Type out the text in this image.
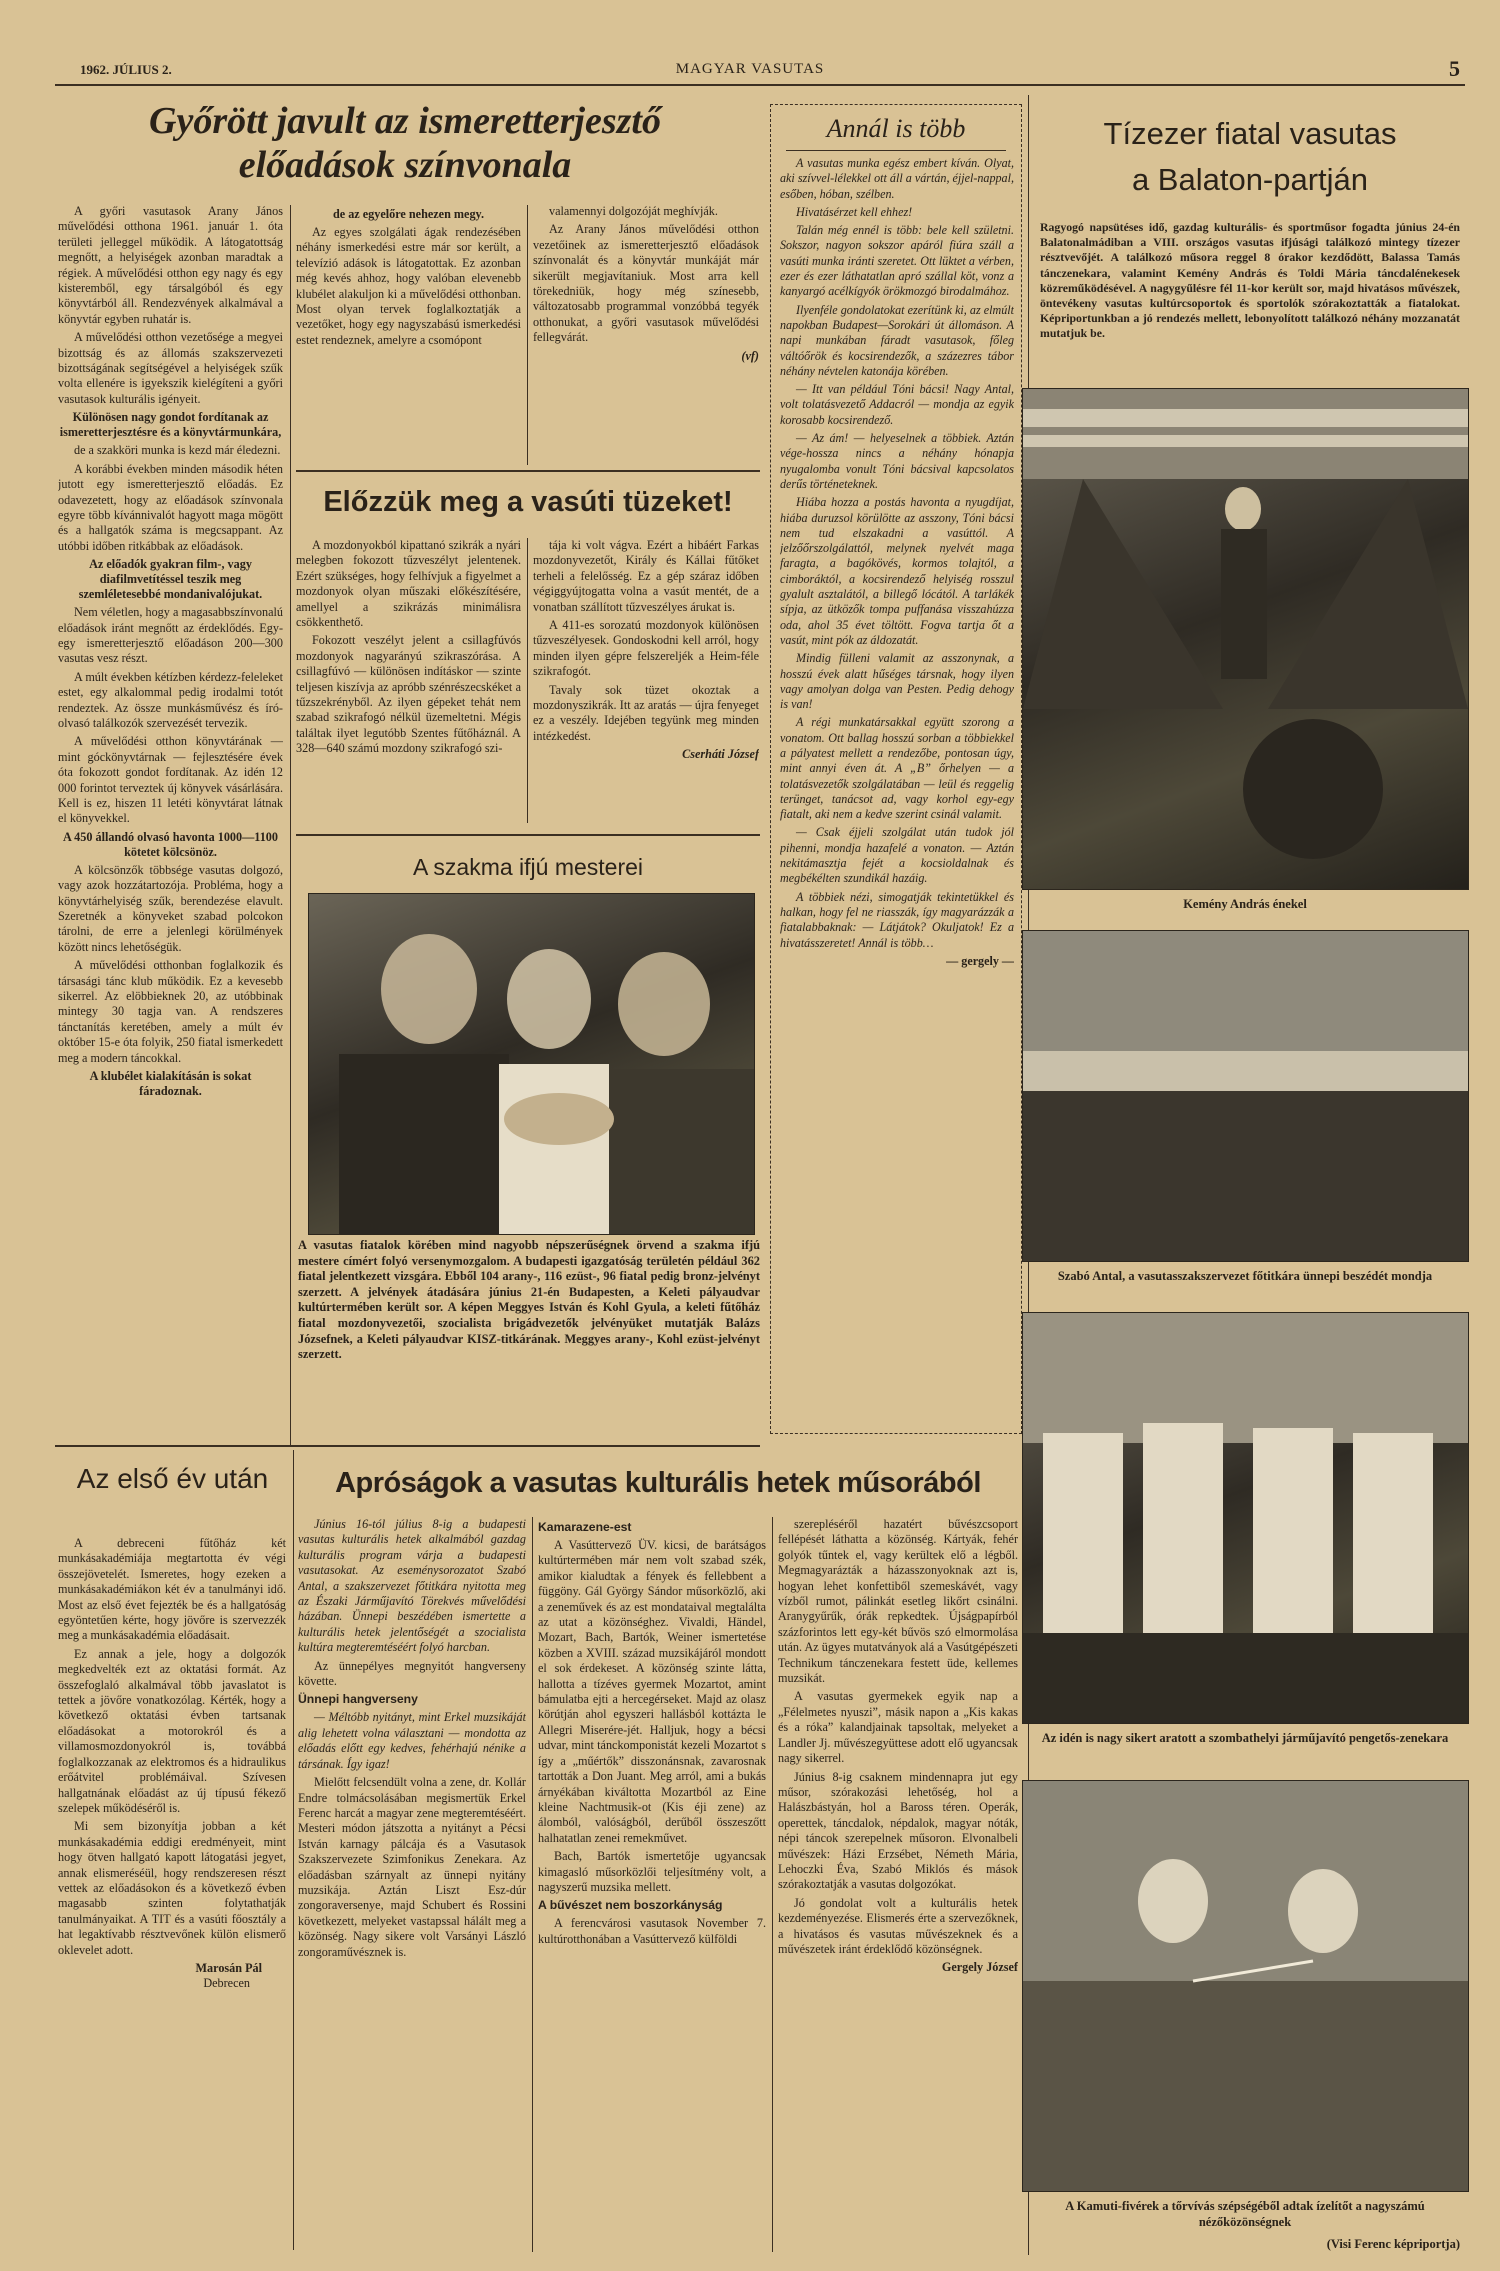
1962. JÚLIUS 2.	MAGYAR VASUTAS	5
Győrött javult az ismeretterjesztő
előadások színvonala

A győri vasutasok Arany János művelődési otthona 1961. január 1. óta területi jelleggel működik. A látogatottság megnőtt, a helyiségek azonban maradtak a régiek. A művelődési otthon egy nagy és egy kisteremből, egy társalgóból és egy könyvtárból áll. Rendezvények alkalmával a könyvtár egyben ruhatár is.

A művelődési otthon vezetősége a megyei bizottság és az állomás szakszervezeti bizottságának segítségével a helyiségek szűk volta ellenére is igyekszik kielégíteni a győri vasutasok kulturális igényeit.

Különösen nagy gondot fordítanak az ismeretterjesztésre és a könyvtármunkára,

de a szakköri munka is kezd már éledezni.

A korábbi években minden második héten jutott egy ismeretterjesztő előadás. Ez odavezetett, hogy az előadások színvonala egyre több kívánnivalót hagyott maga mögött és a hallgatók száma is megcsappant. Az utóbbi időben ritkábbak az előadások.

Az előadók gyakran film-, vagy diafilmvetítéssel teszik meg szemléletesebbé mondanivalójukat.

Nem véletlen, hogy a magasabbszínvonalú előadások iránt megnőtt az érdeklődés. Egy-egy ismeretterjesztő előadáson 200—300 vasutas vesz részt.

A múlt években kétízben kérdezz-feleleket estet, egy alkalommal pedig irodalmi totót rendeztek. Az össze munkásművész és író-olvasó találkozók szervezését tervezik.

A művelődési otthon könyvtárának — mint góckönyvtárnak — fejlesztésére évek óta fokozott gondot fordítanak. Az idén 12 000 forintot terveztek új könyvek vásárlására. Kell is ez, hiszen 11 letéti könyvtárat látnak el könyvekkel.

A 450 állandó olvasó havonta 1000—1100 kötetet kölcsönöz.

A kölcsönzők többsége vasutas dolgozó, vagy azok hozzátartozója. Probléma, hogy a könyvtárhelyiség szűk, berendezése elavult. Szeretnék a könyveket szabad polcokon tárolni, de erre a jelenlegi körülmények között nincs lehetőségük.

A művelődési otthonban foglalkozik és társasági tánc klub működik. Ez a kevesebb sikerrel. Az elöbbieknek 20, az utóbbinak mintegy 30 tagja van. A rendszeres tánctanítás keretében, amely a múlt év október 15-e óta folyik, 250 fiatal ismerkedett meg a modern táncokkal.

A klubélet kialakításán is sokat fáradoznak.
de az egyelőre nehezen megy.

Az egyes szolgálati ágak rendezésében néhány ismerkedési estre már sor került, a televízió adások is látogatottak. Ez azonban még kevés ahhoz, hogy valóban elevenebb klubélet alakuljon ki a művelődési otthonban. Most olyan tervek foglalkoztatják a vezetőket, hogy egy nagyszabású ismerkedési estet rendeznek, amelyre a csomópont

valamennyi dolgozóját meghívják.

Az Arany János művelődési otthon vezetőinek az ismeretterjesztő előadások színvonalát és a könyvtár munkáját már sikerült megjavítaniuk. Most arra kell törekedniük, hogy még színesebb, változatosabb programmal vonzóbbá tegyék otthonukat, a győri vasutasok művelődési fellegvárát.

(vf)
Előzzük meg a vasúti tüzeket!

A mozdonyokból kipattanó szikrák a nyári melegben fokozott tűzveszélyt jelentenek. Ezért szükséges, hogy felhívjuk a figyelmet a mozdonyok olyan műszaki előkészítésére, amellyel a szikrázás minimálisra csökkenthető.

Fokozott veszélyt jelent a csillagfúvós mozdonyok nagyarányú szikraszórása. A csillagfúvó — különösen indításkor — szinte teljesen kiszívja az apróbb szénrészecskéket a tűzszekrényből. Az ilyen gépeket tehát nem szabad szikrafogó nélkül üzemeltetni. Mégis találtak ilyet legutóbb Szentes fűtőháznál. A 328—640 számú mozdony szikrafogó szi-

tája ki volt vágva. Ezért a hibáért Farkas mozdonyvezetőt, Király és Kállai fűtőket terheli a felelősség. Ez a gép száraz időben végiggyújtogatta volna a vasút mentét, de a vonatban szállított tűzveszélyes árukat is.

A 411-es sorozatú mozdonyok különösen tűzveszélyesek. Gondoskodni kell arról, hogy minden ilyen gépre felszereljék a Heim-féle szikrafogót.

Tavaly sok tüzet okoztak a mozdonyszikrák. Itt az aratás — újra fenyeget ez a veszély. Idejében tegyünk meg minden intézkedést.

Cserháti József
A szakma ifjú mesterei
A vasutas fiatalok körében mind nagyobb népszerűségnek örvend a szakma ifjú mestere címért folyó versenymozgalom. A budapesti igazgatóság területén például 362 fiatal jelentkezett vizsgára. Ebből 104 arany-, 116 ezüst-, 96 fiatal pedig bronz-jelvényt szerzett. A jelvények átadására június 21-én Budapesten, a Keleti pályaudvar kultúrtermében került sor. A képen Meggyes István és Kohl Gyula, a keleti fűtőház fiatal mozdonyvezetői, szocialista brigádvezetők jelvényüket mutatják Balázs Józsefnek, a Keleti pályaudvar KISZ-titkárának. Meggyes arany-, Kohl ezüst-jelvényt szerzett.
Az első év után

A debreceni fűtőház két munkásakadémiája megtartotta év végi összejövetelét. Ismeretes, hogy ezeken a munkásakadémiákon két év a tanulmányi idő. Most az első évet fejezték be és a hallgatóság egyöntetűen kérte, hogy jövőre is szervezzék meg a munkásakadémia előadásait.

Ez annak a jele, hogy a dolgozók megkedvelték ezt az oktatási formát. Az összefoglaló alkalmával több javaslatot is tettek a jövőre vonatkozólag. Kérték, hogy a következő oktatási évben tartsanak előadásokat a motorokról és a villamosmozdonyokról is, továbbá foglalkozzanak az elektromos és a hidraulikus erőátvitel problémáival. Szívesen hallgatnának előadást az új típusú fékező szelepek működéséről is.

Mi sem bizonyítja jobban a két munkásakadémia eddigi eredményeit, mint hogy ötven hallgató kapott látogatási jegyet, annak elismeréséül, hogy rendszeresen részt vettek az előadásokon és a következő évben magasabb szinten folytathatják tanulmányaikat. A TIT és a vasúti főosztály a hat legaktívabb résztvevőnek külön elismerő oklevelet adott.

Marosán Pál
Debrecen
Apróságok a vasutas kulturális hetek műsorából

Június 16-tól július 8-ig a budapesti vasutas kulturális hetek alkalmából gazdag kulturális program várja a budapesti vasutasokat. Az eseménysorozatot Szabó Antal, a szakszervezet főtitkára nyitotta meg az Északi Járműjavító Törekvés művelődési házában. Ünnepi beszédében ismertette a kulturális hetek jelentőségét a szocialista kultúra megteremtéséért folyó harcban.

Az ünnepélyes megnyitót hangverseny követte.

Ünnepi hangverseny

— Méltóbb nyitányt, mint Erkel muzsikáját alig lehetett volna választani — mondotta az előadás előtt egy kedves, fehérhajú nénike a társának. Így igaz!

Mielőtt felcsendült volna a zene, dr. Kollár Endre tolmácsolásában megismertük Erkel Ferenc harcát a magyar zene megteremtéséért. Mesteri módon játszotta a nyitányt a Pécsi István karnagy pálcája és a Vasutasok Szakszervezete Szimfonikus Zenekara. Az előadásban szárnyalt az ünnepi nyitány muzsikája. Aztán Liszt Esz-dúr zongoraversenye, majd Schubert és Rossini következett, melyeket vastapssal hálált meg a közönség. Nagy sikere volt Varsányi László zongoraművésznek is.

Kamarazene-est

A Vasúttervező ÜV. kicsi, de barátságos kultúrtermében már nem volt szabad szék, amikor kialudtak a fények és fellebbent a függöny. Gál György Sándor műsorközlő, aki a zeneművek és az est mondataival megtalálta az utat a közönséghez. Vivaldi, Händel, Mozart, Bach, Bartók, Weiner ismertetése közben a XVIII. század muzsikájáról mondott el sok érdekeset. A közönség szinte látta, hallotta a tízéves gyermek Mozartot, amint bámulatba ejti a hercegérseket. Majd az olasz körútján ahol egyszeri hallásból kottázta le Allegri Miserére-jét. Halljuk, hogy a bécsi udvar, mint tánckomponistát kezeli Mozartot s így a „műértők” disszonánsnak, zavarosnak tartották a Don Juant. Meg arról, ami a bukás árnyékában kiváltotta Mozartból az Eine kleine Nachtmusik-ot (Kis éji zene) az álomból, valóságból, derűből összeszőtt halhatatlan zenei remekművet.

Bach, Bartók ismertetője ugyancsak kimagasló műsorközlői teljesítmény volt, a nagyszerű muzsika mellett.

A bűvészet nem boszorkányság

A ferencvárosi vasutasok November 7. kultúrotthonában a Vasúttervező külföldi

szerepléséről hazatért bűvészcsoport fellépését láthatta a közönség. Kártyák, fehér golyók tűntek el, vagy kerültek elő a légből. Megmagyarázták a házasszonyoknak azt is, hogyan lehet konfettiből szemeskávét, vagy vízből rumot, pálinkát esetleg likőrt csinálni. Aranygyűrűk, órák repkedtek. Újságpapírból százforintos lett egy-két bűvös szó elmormolása után. Az ügyes mutatványok alá a Vasútgépészeti Technikum tánczenekara festett üde, kellemes muzsikát.

A vasutas gyermekek egyik nap a „Félelmetes nyuszi”, másik napon a „Kis kakas és a róka” kalandjainak tapsoltak, melyeket a Landler Jj. művészegyüttese adott elő ugyancsak nagy sikerrel.

Június 8-ig csaknem mindennapra jut egy műsor, szórakozási lehetőség, hol a Halászbástyán, hol a Baross téren. Operák, operettek, táncdalok, népdalok, magyar nóták, népi táncok szerepelnek műsoron. Elvonalbeli művészek: Házi Erzsébet, Németh Mária, Lehoczki Éva, Szabó Miklós és mások szórakoztatják a vasutas dolgozókat.

Jó gondolat volt a kulturális hetek kezdeményezése. Elismerés érte a szervezőknek, a hivatásos és vasutas művészeknek és a művészetek iránt érdeklődő közönségnek.

Gergely József
Annál is több

A vasutas munka egész embert kíván. Olyat, aki szívvel-lélekkel ott áll a vártán, éjjel-nappal, esőben, hóban, szélben.

Hivatásérzet kell ehhez!

Talán még ennél is több: bele kell születni. Sokszor, nagyon sokszor apáról fiúra száll a vasúti munka iránti szeretet. Ott lüktet a vérben, ezer és ezer láthatatlan apró szállal köt, vonz a kanyargó acélkígyók örökmozgó birodalmához.

Ilyenféle gondolatokat ezerítünk ki, az elmúlt napokban Budapest—Sorokári út állomáson. A napi munkában fáradt vasutasok, főleg váltóőrök és kocsirendezők, a százezres tábor néhány névtelen katonája körében.

— Itt van például Tóni bácsi! Nagy Antal, volt tolatásvezető Addacról — mondja az egyik korosabb kocsirendező.

— Az ám! — helyeselnek a többiek. Aztán vége-hossza nincs a néhány hónapja nyugalomba vonult Tóni bácsival kapcsolatos derűs történeteknek.

Hiába hozza a postás havonta a nyugdíjat, hiába duruzsol körülötte az asszony, Tóni bácsi nem tud elszakadni a vasúttól. A jelzőőrszolgálattól, melynek nyelvét maga faragta, a bagókövés, kormos tolajtól, a cimboráktól, a kocsirendező helyiség rosszul gyalult asztalától, a billegő lócától. A tarlákék sípja, az ütközők tompa puffanása visszahúzza oda, ahol 35 évet töltött. Fogva tartja őt a vasút, mint pók az áldozatát.

Mindig fülleni valamit az asszonynak, a hosszú évek alatt hűséges társnak, hogy ilyen vagy amolyan dolga van Pesten. Pedig dehogy is van!

A régi munkatársakkal együtt szorong a vonatom. Ott ballag hosszú sorban a többiekkel a pályatest mellett a rendezőbe, pontosan úgy, mint annyi éven át. A „B” őrhelyen — a tolatásvezetők szolgálatában — leül és reggelig terünget, tanácsot ad, vagy korhol egy-egy fiatalt, aki nem a kedve szerint csinál valamit.

— Csak éjjeli szolgálat után tudok jól pihenni, mondja hazafelé a vonaton. — Aztán nekitámasztja fejét a kocsioldalnak és megbékélten szundikál hazáig.

A többiek nézi, simogatják tekintetükkel és halkan, hogy fel ne riasszák, így magyarázzák a fiatalabbaknak: — Látjátok? Okuljatok! Ez a hivatásszeretet! Annál is több…

— gergely —
Tízezer fiatal vasutas
a Balaton-partján
Ragyogó napsütéses idő, gazdag kulturális- és sportműsor fogadta június 24-én Balatonalmádiban a VIII. országos vasutas ifjúsági találkozó mintegy tízezer résztvevőjét. A találkozó műsora reggel 8 órakor kezdődött, Balassa Tamás tánczenekara, valamint Kemény András és Toldi Mária táncdalénekesek közreműködésével. A nagygyűlésre fél 11-kor került sor, majd hivatásos művészek, öntevékeny vasutas kultúrcsoportok és sportolók szórakoztatták a fiatalokat. Képriportunkban a jó rendezés mellett, lebonyolított találkozó néhány mozzanatát mutatjuk be.
Kemény András énekel
Szabó Antal, a vasutasszakszervezet főtitkára ünnepi beszédét mondja
Az idén is nagy sikert aratott a szombathelyi járműjavító pengetős-zenekara
A Kamuti-fivérek a tőrvívás szépségéből adtak ízelítőt a nagyszámú nézőközönségnek
(Visi Ferenc képriportja)
